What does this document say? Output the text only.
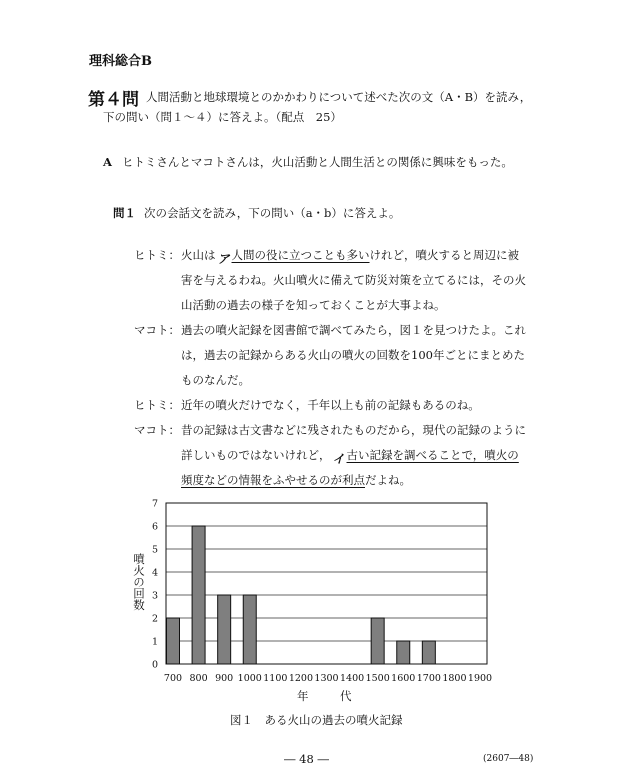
理科総合B
第４問 人間活動と地球環境とのかかわりについて述べた次の文（A・B）を読み，
下の問い（問１～４）に答えよ。（配点　25）
A ヒトミさんとマコトさんは，火山活動と人間生活との関係に興味をもった。
問１ 次の会話文を読み，下の問い（a・b）に答えよ。
ヒトミ： 火山は ア 人間の役に立つことも多いけれど，噴火すると周辺に被
害を与えるわね。火山噴火に備えて防災対策を立てるには，その火
山活動の過去の様子を知っておくことが大事よね。
マコト： 過去の噴火記録を図書館で調べてみたら，図１を見つけたよ。これ
は，過去の記録からある火山の噴火の回数を100年ごとにまとめた
ものなんだ。
ヒトミ： 近年の噴火だけでなく，千年以上も前の記録もあるのね。
マコト： 昔の記録は古文書などに残されたものだから，現代の記録のように
詳しいものではないけれど， イ 古い記録を調べることで，噴火の
頻度などの情報をふやせるのが利点だよね。
噴火の回数
0
1
2
3
4
5
6
7
700 800 900 1000 1100 1200 1300 1400 1500 1600 1700 1800 1900
年　代
図１　ある火山の過去の噴火記録
― 48 ―	(2607―48)
